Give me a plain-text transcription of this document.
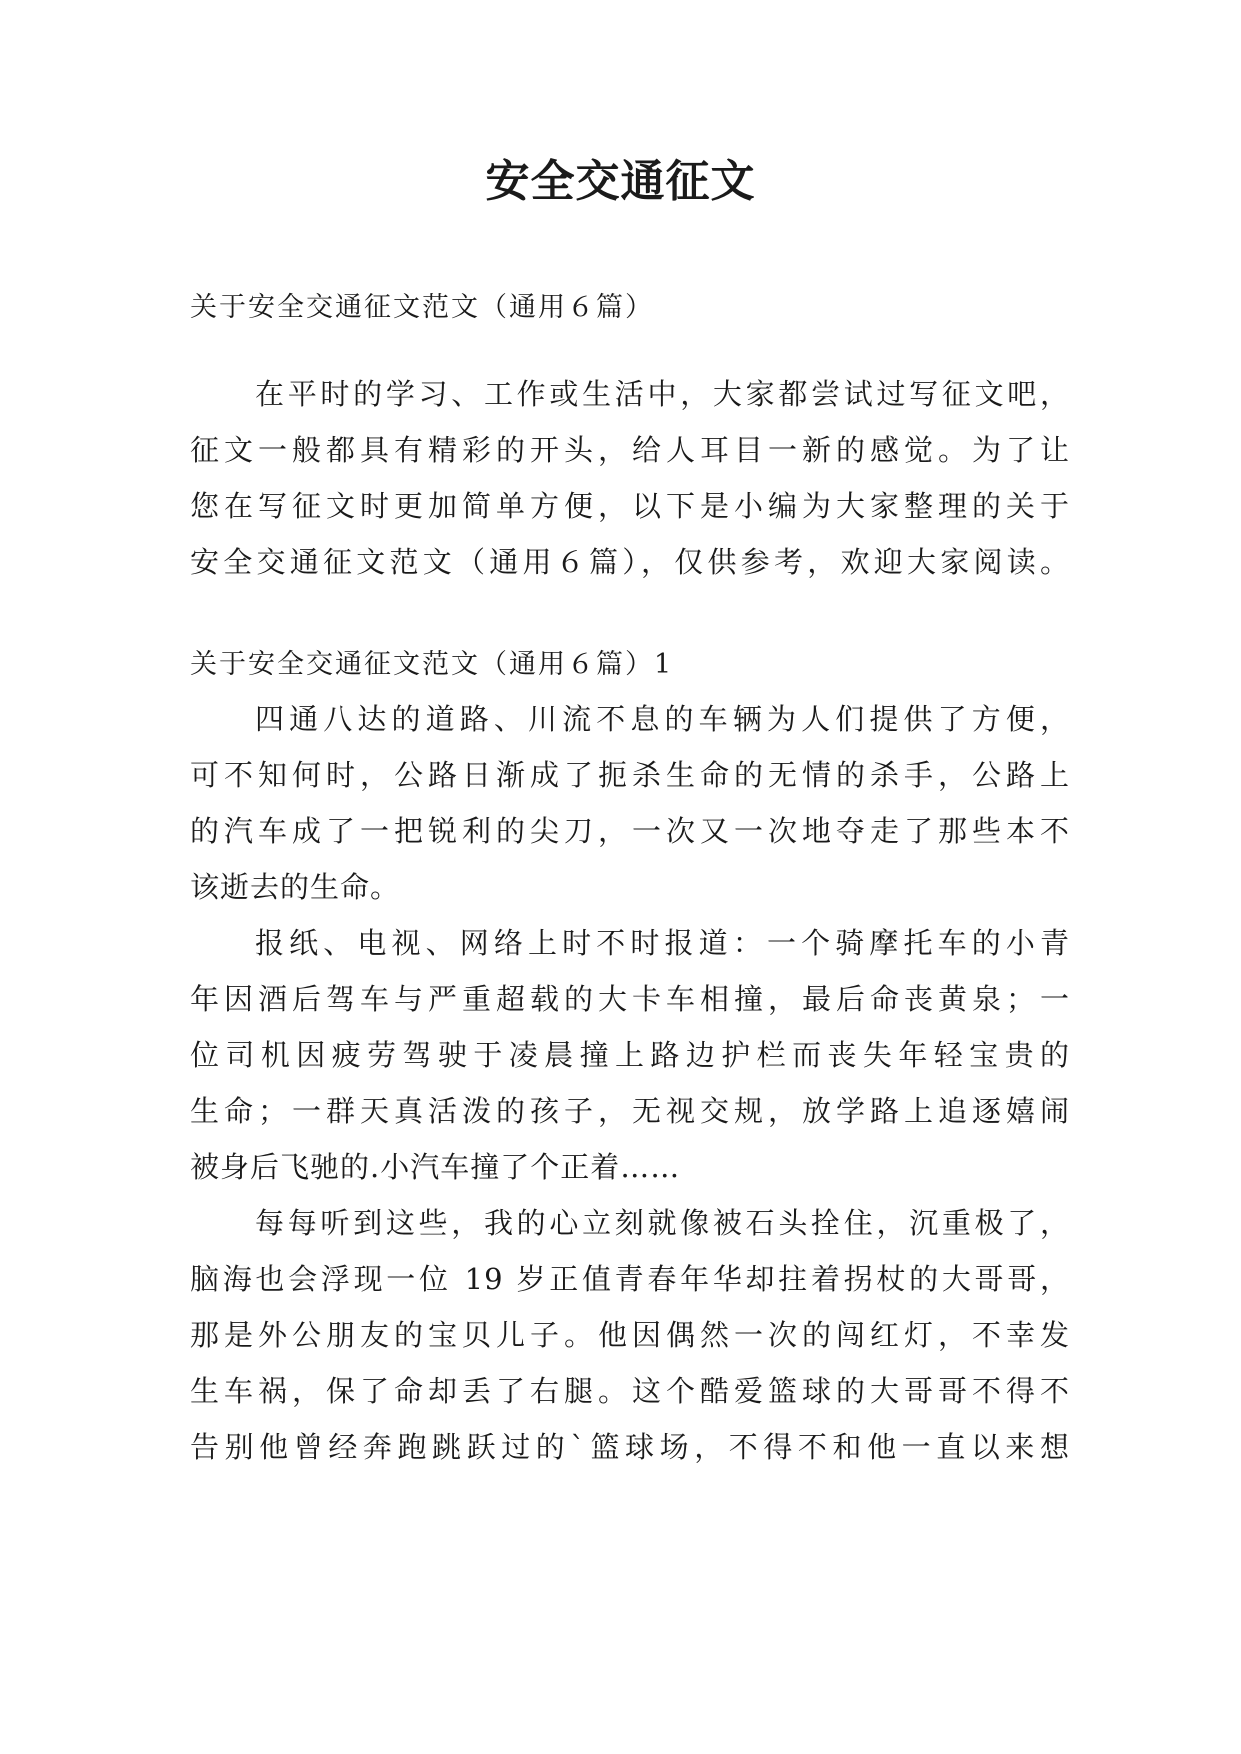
安全交通征文

关于安全交通征文范文（通用６篇）

在平时的学习、工作或生活中，大家都尝试过写征文吧，

征文一般都具有精彩的开头，给人耳目一新的感觉。为了让

您在写征文时更加简单方便，以下是小编为大家整理的关于

安全交通征文范文（通用６篇），仅供参考，欢迎大家阅读。

关于安全交通征文范文（通用６篇）1

四通八达的道路、川流不息的车辆为人们提供了方便，

可不知何时，公路日渐成了扼杀生命的无情的杀手，公路上

的汽车成了一把锐利的尖刀，一次又一次地夺走了那些本不

该逝去的生命。

报纸、电视、网络上时不时报道：一个骑摩托车的小青

年因酒后驾车与严重超载的大卡车相撞，最后命丧黄泉；一

位司机因疲劳驾驶于凌晨撞上路边护栏而丧失年轻宝贵的

生命；一群天真活泼的孩子，无视交规，放学路上追逐嬉闹

被身后飞驰的.小汽车撞了个正着……

每每听到这些，我的心立刻就像被石头拴住，沉重极了，

脑海也会浮现一位 19 岁正值青春年华却拄着拐杖的大哥哥，

那是外公朋友的宝贝儿子。他因偶然一次的闯红灯，不幸发

生车祸，保了命却丢了右腿。这个酷爱篮球的大哥哥不得不

告别他曾经奔跑跳跃过的`篮球场，不得不和他一直以来想
